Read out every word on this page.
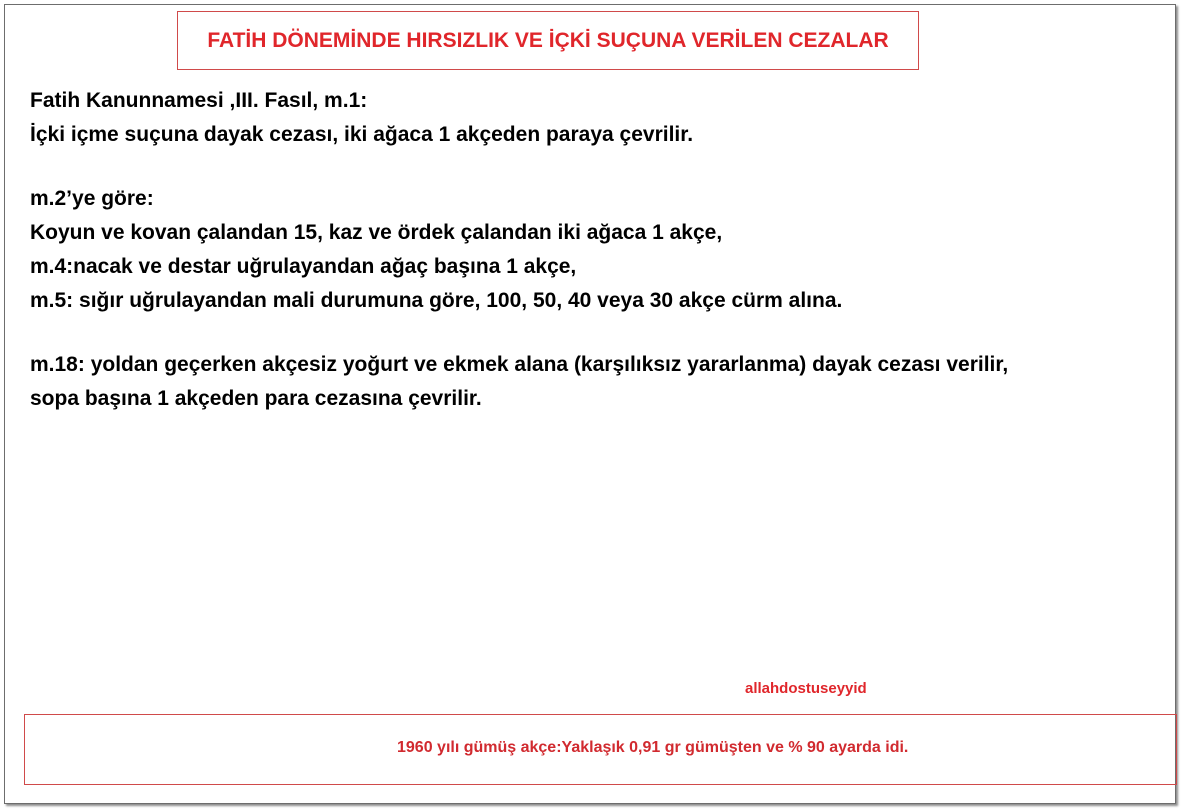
FATİH DÖNEMİNDE HIRSIZLIK VE İÇKİ SUÇUNA VERİLEN CEZALAR
Fatih Kanunnamesi ,III. Fasıl, m.1:
İçki içme suçuna dayak cezası, iki ağaca 1 akçeden paraya çevrilir.
m.2’ye göre:
Koyun ve kovan çalandan 15, kaz ve ördek çalandan iki ağaca 1 akçe,
m.4:nacak ve destar uğrulayandan ağaç başına 1 akçe,
m.5: sığır uğrulayandan mali durumuna göre, 100, 50, 40 veya 30 akçe cürm alına.
m.18: yoldan geçerken akçesiz yoğurt ve ekmek alana (karşılıksız yararlanma) dayak cezası verilir,
sopa başına 1 akçeden para cezasına çevrilir.
allahdostuseyyid
1960 yılı gümüş akçe:Yaklaşık 0,91 gr gümüşten ve % 90 ayarda idi.
